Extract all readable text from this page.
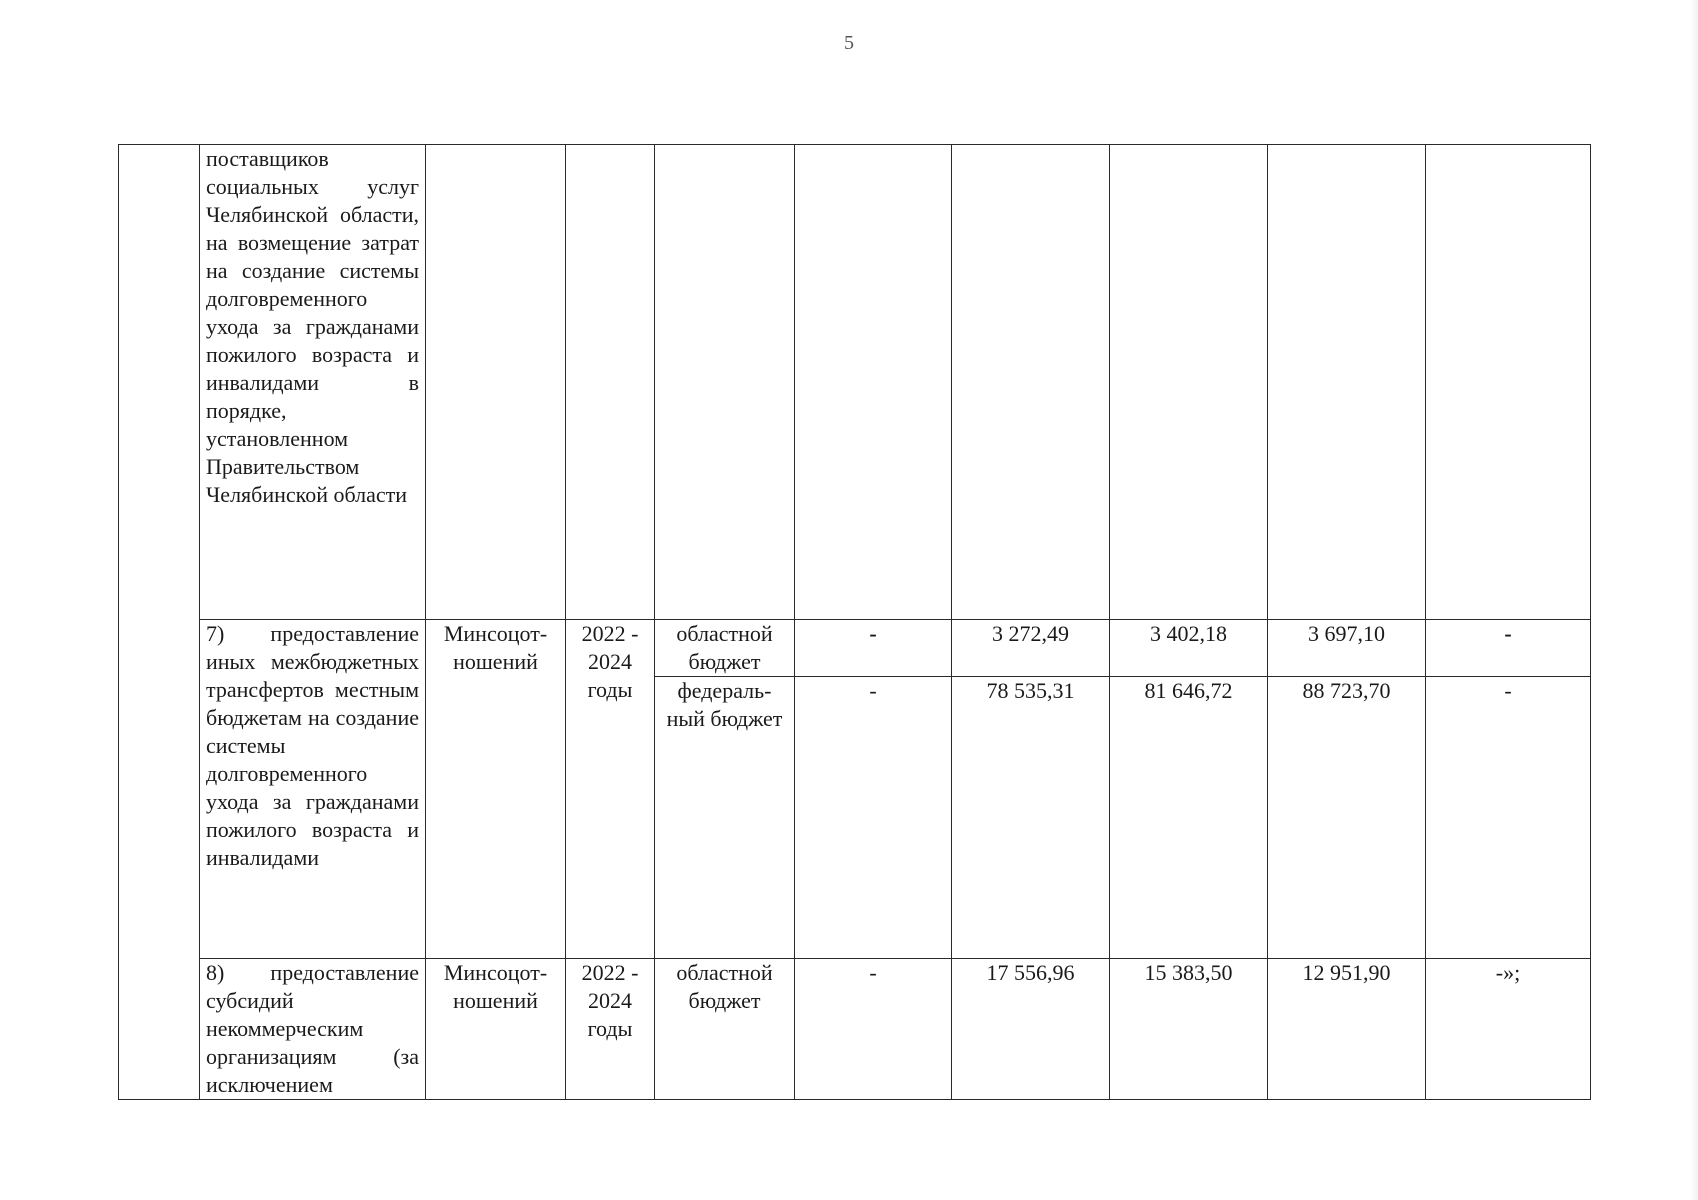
5
	поставщиков социальных услуг Челябинской области, на возмещение затрат на создание системы долговременного ухода за гражданами пожилого возраста и инвалидами в порядке, установленном Правительством Челябинской области								
	7) предоставление иных межбюджетных трансфертов местным бюджетам на создание системы долговременного ухода за гражданами пожилого возраста и инвалидами	Минсоцот-ношений	2022 - 2024 годы	областной бюджет	-	3 272,49	3 402,18	3 697,10	-
				федераль-ный бюджет	-	78 535,31	81 646,72	88 723,70	-
	8) предоставление субсидий некоммерческим организациям (за исключением	Минсоцот-ношений	2022 - 2024 годы	областной бюджет	-	17 556,96	15 383,50	12 951,90	-»;
